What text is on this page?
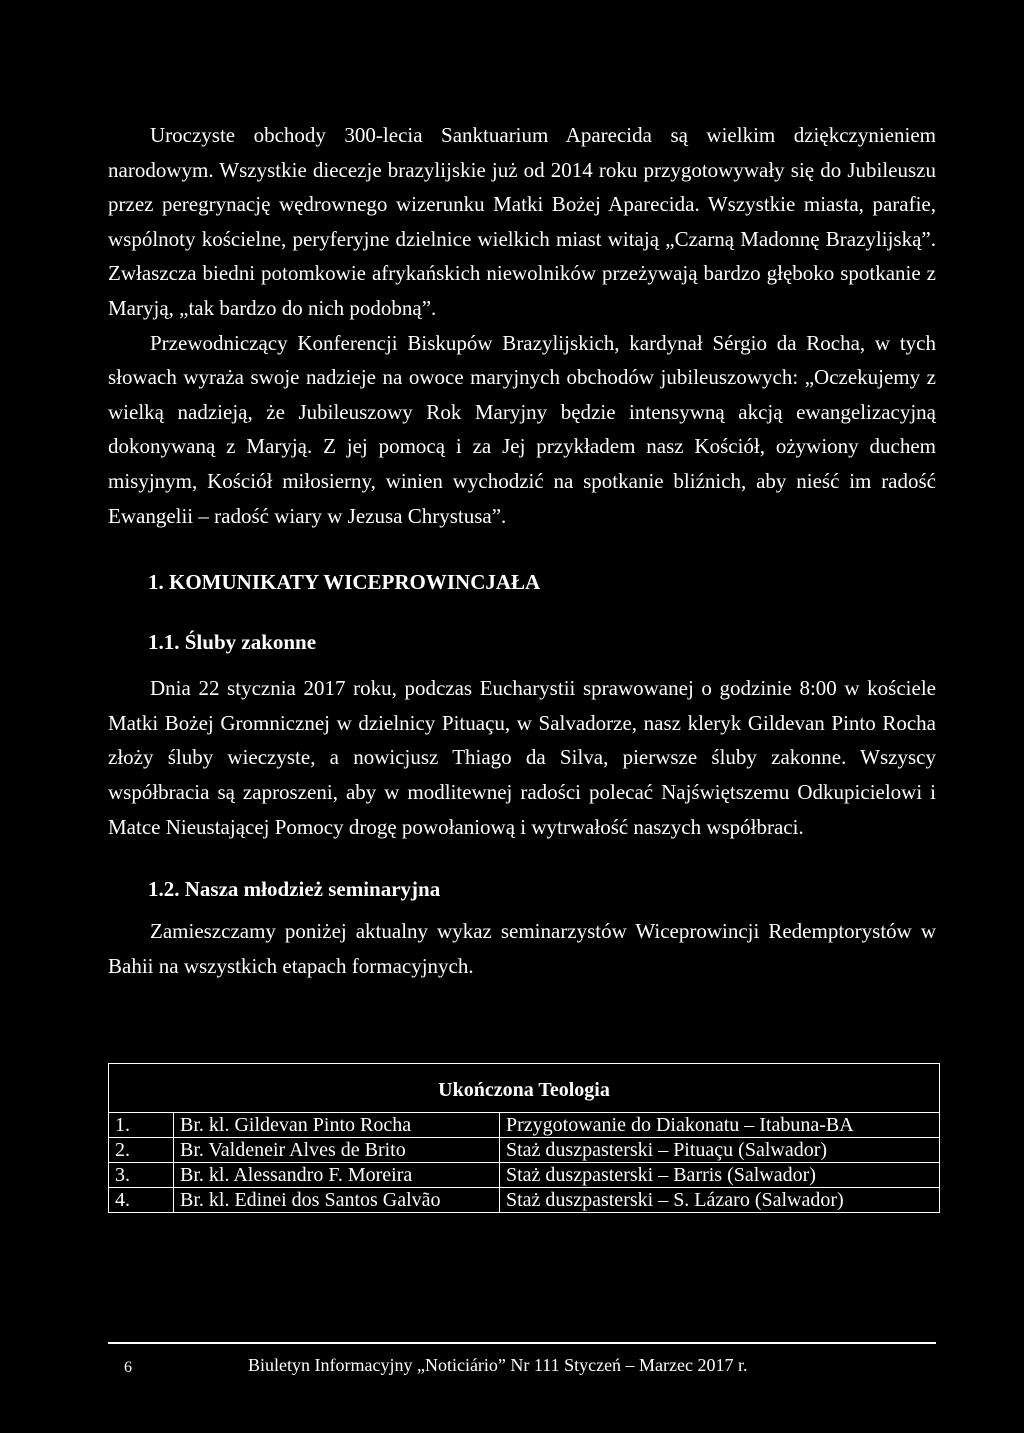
Uroczyste obchody 300-lecia Sanktuarium Aparecida są wielkim dziękczynieniem narodowym. Wszystkie diecezje brazylijskie już od 2014 roku przygotowywały się do Jubileuszu przez peregrynację wędrownego wizerunku Matki Bożej Aparecida. Wszystkie miasta, parafie, wspólnoty kościelne, peryferyjne dzielnice wielkich miast witają „Czarną Madonnę Brazylijską”. Zwłaszcza biedni potomkowie afrykańskich niewolników przeżywają bardzo głęboko spotkanie z Maryją, „tak bardzo do nich podobną”.

Przewodniczący Konferencji Biskupów Brazylijskich, kardynał Sérgio da Rocha, w tych słowach wyraża swoje nadzieje na owoce maryjnych obchodów jubileuszowych: „Oczekujemy z wielką nadzieją, że Jubileuszowy Rok Maryjny będzie intensywną akcją ewangelizacyjną dokonywaną z Maryją. Z jej pomocą i za Jej przykładem nasz Kościół, ożywiony duchem misyjnym, Kościół miłosierny, winien wychodzić na spotkanie bliźnich, aby nieść im radość Ewangelii – radość wiary w Jezusa Chrystusa”.

1. KOMUNIKATY WICEPROWINCJAŁA
1.1. Śluby zakonne

Dnia 22 stycznia 2017 roku, podczas Eucharystii sprawowanej o godzinie 8:00 w kościele Matki Bożej Gromnicznej w dzielnicy Pituaçu, w Salvadorze, nasz kleryk Gildevan Pinto Rocha złoży śluby wieczyste, a nowicjusz Thiago da Silva, pierwsze śluby zakonne. Wszyscy współbracia są zaproszeni, aby w modlitewnej radości polecać Najświętszemu Odkupicielowi i Matce Nieustającej Pomocy drogę powołaniową i wytrwałość naszych współbraci.

1.2. Nasza młodzież seminaryjna

Zamieszczamy poniżej aktualny wykaz seminarzystów Wiceprowincji Redemptorystów w Bahii na wszystkich etapach formacyjnych.

Ukończona Teologia		
1.	Br. kl. Gildevan Pinto Rocha	Przygotowanie do Diakonatu – Itabuna-BA
2.	Br. Valdeneir Alves de Brito	Staż duszpasterski – Pituaçu (Salwador)
3.	Br. kl. Alessandro F. Moreira	Staż duszpasterski – Barris (Salwador)
4.	Br. kl. Edinei dos Santos Galvão	Staż duszpasterski – S. Lázaro (Salwador)
6	Biuletyn Informacyjny „Noticiário” Nr 111 Styczeń – Marzec 2017 r.
